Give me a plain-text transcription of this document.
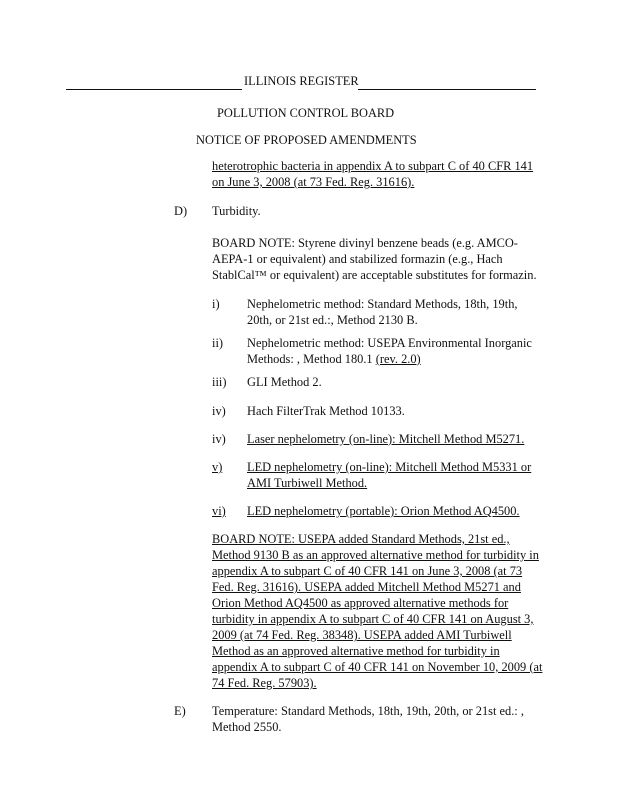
ILLINOIS REGISTER
POLLUTION CONTROL BOARD
NOTICE OF PROPOSED AMENDMENTS
heterotrophic bacteria in appendix A to subpart C of 40 CFR 141
on June 3, 2008 (at 73 Fed. Reg. 31616).
D) Turbidity.
BOARD NOTE: Styrene divinyl benzene beads (e.g. AMCO-
AEPA-1 or equivalent) and stabilized formazin (e.g., Hach
StablCal™ or equivalent) are acceptable substitutes for formazin.
i) Nephelometric method: Standard Methods, 18th, 19th,
20th, or 21st ed.:, Method 2130 B.
ii) Nephelometric method: USEPA Environmental Inorganic
Methods: , Method 180.1 (rev. 2.0)
iii) GLI Method 2.
iv) Hach FilterTrak Method 10133.
iv) Laser nephelometry (on-line): Mitchell Method M5271.
v) LED nephelometry (on-line): Mitchell Method M5331 or
AMI Turbiwell Method.
vi) LED nephelometry (portable): Orion Method AQ4500.
BOARD NOTE: USEPA added Standard Methods, 21st ed.,
Method 9130 B as an approved alternative method for turbidity in
appendix A to subpart C of 40 CFR 141 on June 3, 2008 (at 73
Fed. Reg. 31616). USEPA added Mitchell Method M5271 and
Orion Method AQ4500 as approved alternative methods for
turbidity in appendix A to subpart C of 40 CFR 141 on August 3,
2009 (at 74 Fed. Reg. 38348). USEPA added AMI Turbiwell
Method as an approved alternative method for turbidity in
appendix A to subpart C of 40 CFR 141 on November 10, 2009 (at
74 Fed. Reg. 57903).
E) Temperature: Standard Methods, 18th, 19th, 20th, or 21st ed.: ,
Method 2550.
